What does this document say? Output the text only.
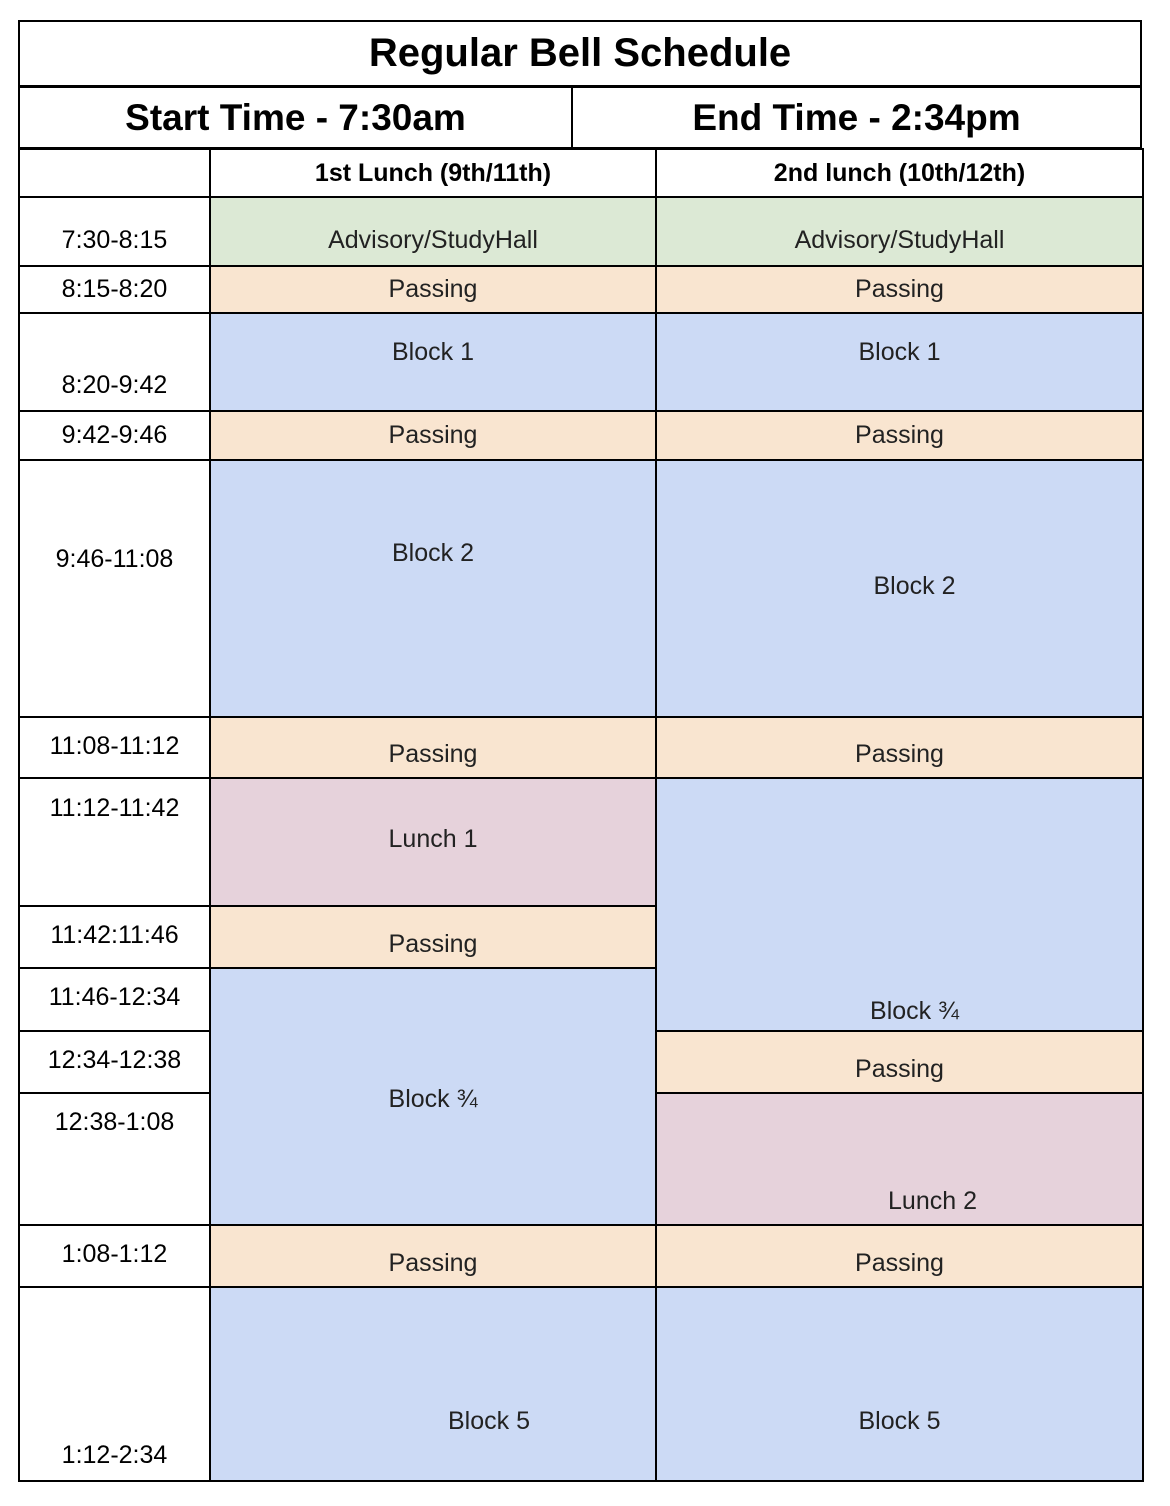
Regular Bell Schedule
Start Time - 7:30am	End Time - 2:34pm
	1st Lunch (9th/11th)	2nd lunch (10th/12th)
7:30-8:15	Advisory/StudyHall	Advisory/StudyHall
8:15-8:20	Passing	Passing
8:20-9:42	Block 1	Block 1
9:42-9:46	Passing	Passing
9:46-11:08	Block 2	Block 2
11:08-11:12	Passing	Passing
11:12-11:42	Lunch 1	Block ¾
11:42:11:46	Passing	
11:46-12:34	Block ¾	
12:34-12:38		Passing
12:38-1:08		Lunch 2
1:08-1:12	Passing	Passing
1:12-2:34	Block 5	Block 5
